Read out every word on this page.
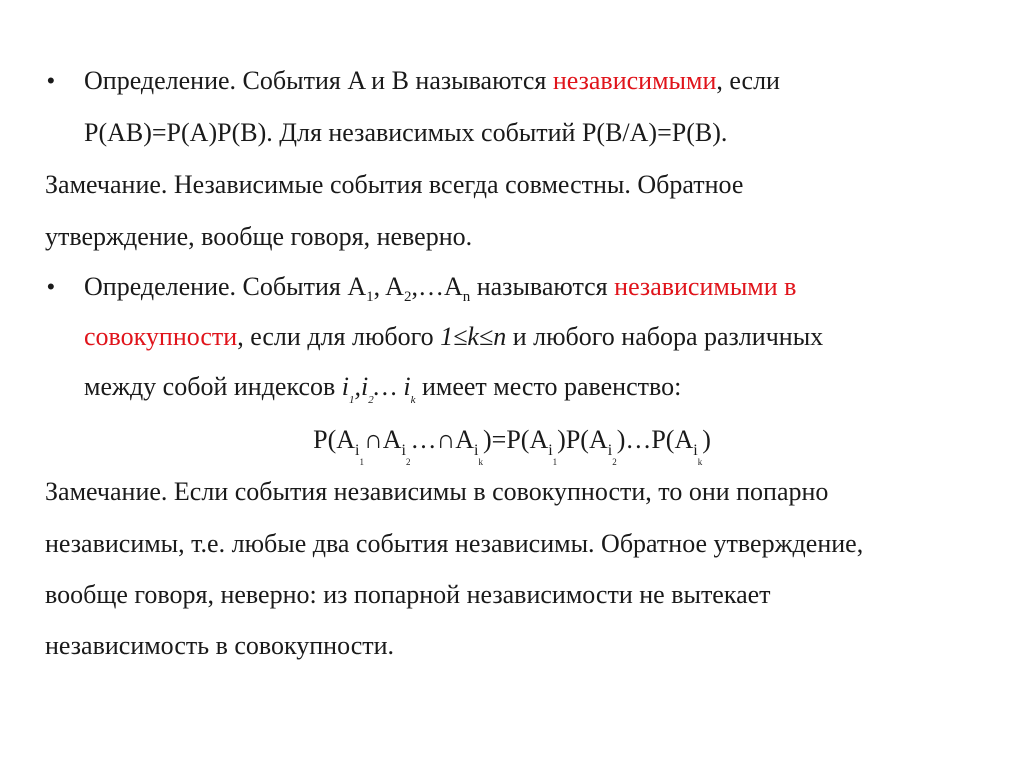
• Определение. События A и B называются независимыми, если
P(AB)=P(A)P(B). Для независимых событий P(B/A)=P(B).
Замечание. Независимые события всегда совместны. Обратное
утверждение, вообще говоря, неверно.
• Определение. События $A_1$, $A_2,\dots A_n$ называются независимыми в
совокупности, если для любого 1≤k≤n и любого набора различных
между собой индексов $i_1,i_2\dots$ $i_k$ имеет место равенство:
$P(A_{i_1}\cap A_{i_2}\dots\cap A_{i_k})=P(A_{i_1})P(A_{i_2})\dots P(A_{i_k})$
Замечание. Если события независимы в совокупности, то они попарно
независимы, т.е. любые два события независимы. Обратное утверждение,
вообще говоря, неверно: из попарной независимости не вытекает
независимость в совокупности.
